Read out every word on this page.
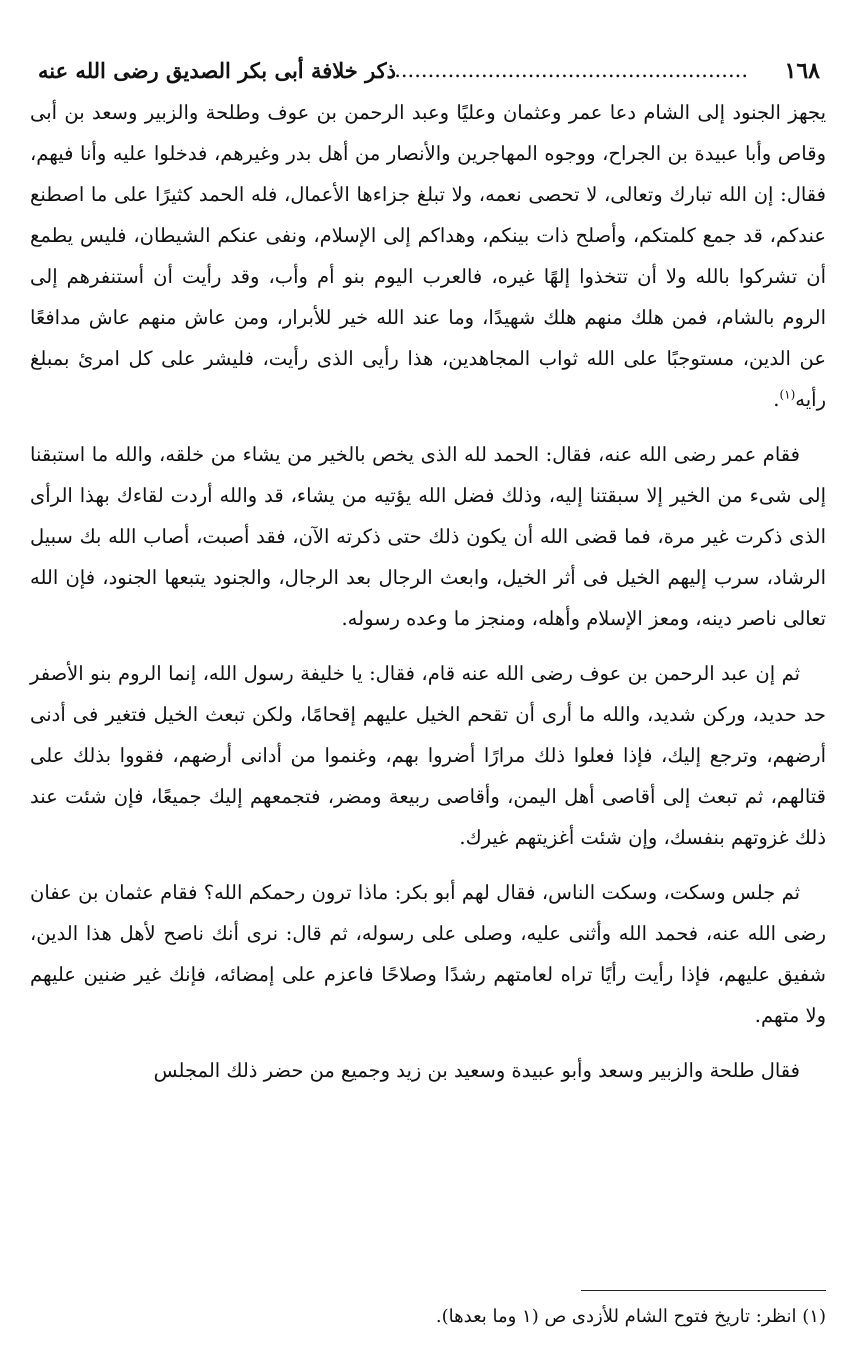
١٦٨
.....................................................
ذكر خلافة أبى بكر الصديق رضى الله عنه

يجهز الجنود إلى الشام دعا عمر وعثمان وعليًا وعبد الرحمن بن عوف وطلحة والزبير وسعد بن أبى وقاص وأبا عبيدة بن الجراح، ووجوه المهاجرين والأنصار من أهل بدر وغيرهم، فدخلوا عليه وأنا فيهم، فقال: إن الله تبارك وتعالى، لا تحصى نعمه، ولا تبلغ جزاءها الأعمال، فله الحمد كثيرًا على ما اصطنع عندكم، قد جمع كلمتكم، وأصلح ذات بينكم، وهداكم إلى الإسلام، ونفى عنكم الشيطان، فليس يطمع أن تشركوا بالله ولا أن تتخذوا إلهًا غيره، فالعرب اليوم بنو أم وأب، وقد رأيت أن أستنفرهم إلى الروم بالشام، فمن هلك منهم هلك شهيدًا، وما عند الله خير للأبرار، ومن عاش منهم عاش مدافعًا عن الدين، مستوجبًا على الله ثواب المجاهدين، هذا رأيى الذى رأيت، فليشر على كل امرئ بمبلغ رأيه$^{(١)}$.

فقام عمر رضى الله عنه، فقال: الحمد لله الذى يخص بالخير من يشاء من خلقه، والله ما استبقنا إلى شىء من الخير إلا سبقتنا إليه، وذلك فضل الله يؤتيه من يشاء، قد والله أردت لقاءك بهذا الرأى الذى ذكرت غير مرة، فما قضى الله أن يكون ذلك حتى ذكرته الآن، فقد أصبت، أصاب الله بك سبيل الرشاد، سرب إليهم الخيل فى أثر الخيل، وابعث الرجال بعد الرجال، والجنود يتبعها الجنود، فإن الله تعالى ناصر دينه، ومعز الإسلام وأهله، ومنجز ما وعده رسوله.

ثم إن عبد الرحمن بن عوف رضى الله عنه قام، فقال: يا خليفة رسول الله، إنما الروم بنو الأصفر حد حديد، وركن شديد، والله ما أرى أن تقحم الخيل عليهم إقحامًا، ولكن تبعث الخيل فتغير فى أدنى أرضهم، وترجع إليك، فإذا فعلوا ذلك مرارًا أضروا بهم، وغنموا من أدانى أرضهم، فقووا بذلك على قتالهم، ثم تبعث إلى أقاصى أهل اليمن، وأقاصى ربيعة ومضر، فتجمعهم إليك جميعًا، فإن شئت عند ذلك غزوتهم بنفسك، وإن شئت أغزيتهم غيرك.

ثم جلس وسكت، وسكت الناس، فقال لهم أبو بكر: ماذا ترون رحمكم الله؟ فقام عثمان بن عفان رضى الله عنه، فحمد الله وأثنى عليه، وصلى على رسوله، ثم قال: نرى أنك ناصح لأهل هذا الدين، شفيق عليهم، فإذا رأيت رأيًا تراه لعامتهم رشدًا وصلاحًا فاعزم على إمضائه، فإنك غير ضنين عليهم ولا متهم.

فقال طلحة والزبير وسعد وأبو عبيدة وسعيد بن زيد وجميع من حضر ذلك المجلس

(١) انظر: تاريخ فتوح الشام للأزدى ص (١ وما بعدها).
